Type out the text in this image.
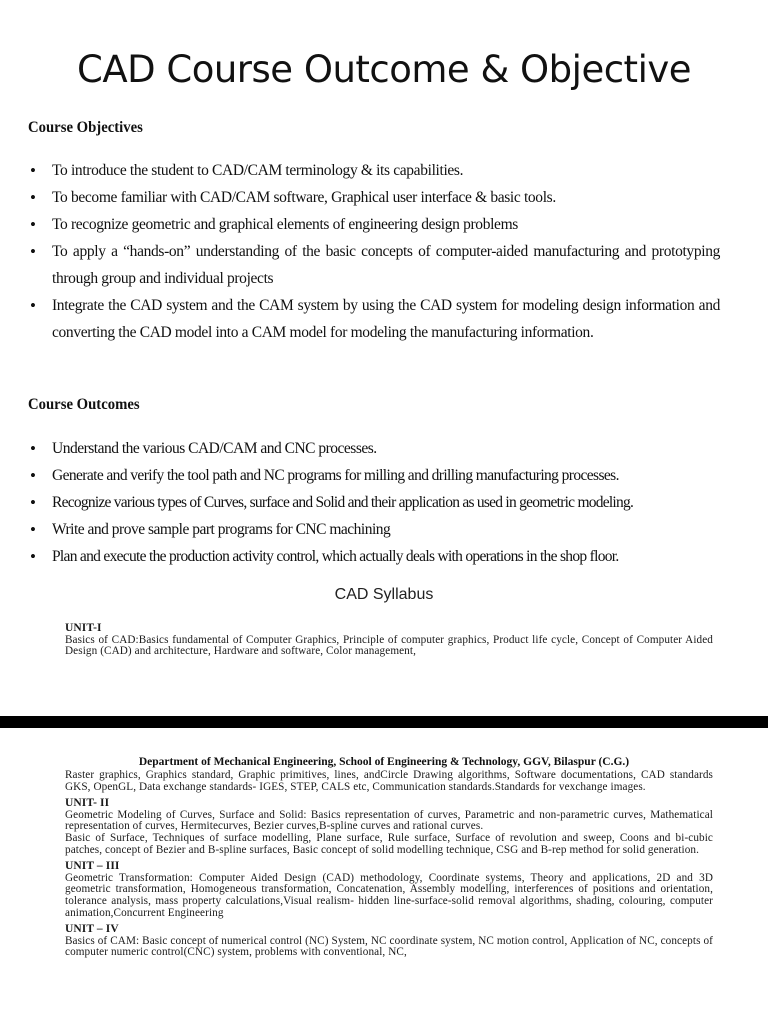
CAD Course Outcome & Objective
Course Objectives
• To introduce the student to CAD/CAM terminology & its capabilities.
• To become familiar with CAD/CAM software, Graphical user interface & basic tools.
• To recognize geometric and graphical elements of engineering design problems
• To apply a “hands-on” understanding of the basic concepts of computer-aided manufacturing and prototyping through group and individual projects
• Integrate the CAD system and the CAM system by using the CAD system for modeling design information and converting the CAD model into a CAM model for modeling the manufacturing information.
Course Outcomes
• Understand the various CAD/CAM and CNC processes.
• Generate and verify the tool path and NC programs for milling and drilling manufacturing processes.
• Recognize various types of Curves, surface and Solid and their application as used in geometric modeling.
• Write and prove sample part programs for CNC machining
• Plan and execute the production activity control, which actually deals with operations in the shop floor.
CAD Syllabus
UNIT-I
Basics of CAD:Basics fundamental of Computer Graphics, Principle of computer graphics, Product life cycle, Concept of Computer Aided Design (CAD) and architecture, Hardware and software, Color management,
Department of Mechanical Engineering, School of Engineering & Technology, GGV, Bilaspur (C.G.)
Raster graphics, Graphics standard, Graphic primitives, lines, andCircle Drawing algorithms, Software documentations, CAD standards GKS, OpenGL, Data exchange standards- IGES, STEP, CALS etc, Communication standards.Standards for vexchange images.
UNIT- II
Geometric Modeling of Curves, Surface and Solid: Basics representation of curves, Parametric and non-parametric curves, Mathematical representation of curves, Hermitecurves, Bezier curves,B-spline curves and rational curves.
Basic of Surface, Techniques of surface modelling, Plane surface, Rule surface, Surface of revolution and sweep, Coons and bi-cubic patches, concept of Bezier and B-spline surfaces, Basic concept of solid modelling technique, CSG and B-rep method for solid generation.
UNIT – III
Geometric Transformation: Computer Aided Design (CAD) methodology, Coordinate systems, Theory and applications, 2D and 3D geometric transformation, Homogeneous transformation, Concatenation, Assembly modelling, interferences of positions and orientation, tolerance analysis, mass property calculations,Visual realism- hidden line-surface-solid removal algorithms, shading, colouring, computer animation,Concurrent Engineering
UNIT – IV
Basics of CAM: Basic concept of numerical control (NC) System, NC coordinate system, NC motion control, Application of NC, concepts of computer numeric control(CNC) system, problems with conventional, NC,
